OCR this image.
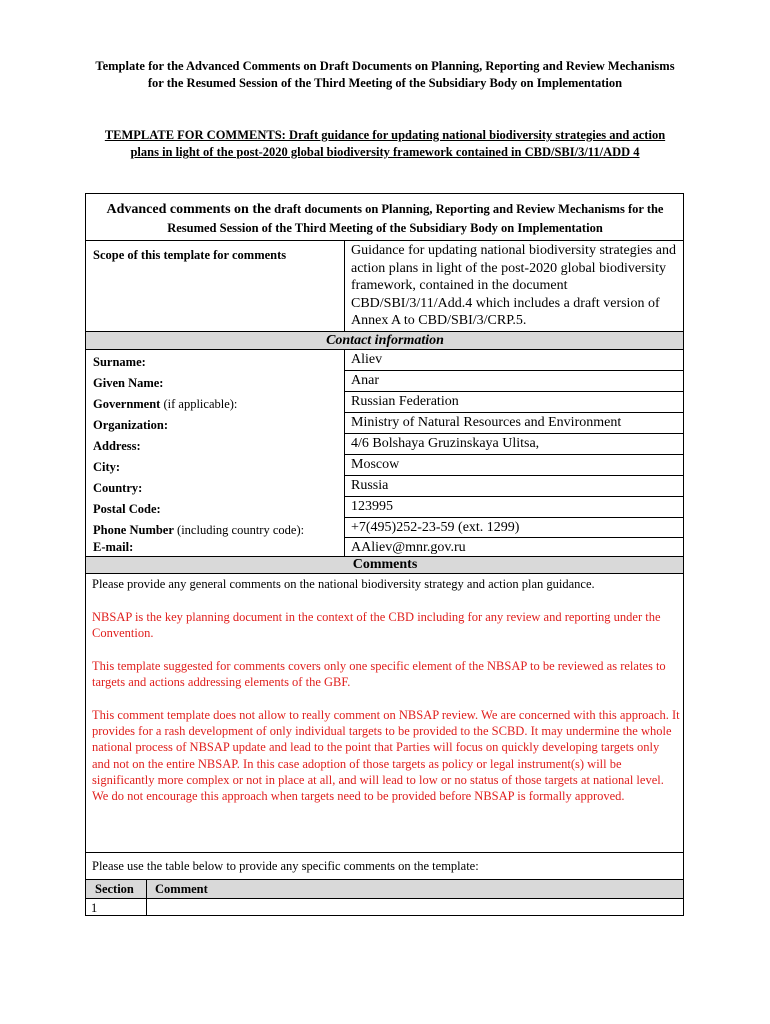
Template for the Advanced Comments on Draft Documents on Planning, Reporting and Review Mechanisms for the Resumed Session of the Third Meeting of the Subsidiary Body on Implementation
TEMPLATE FOR COMMENTS: Draft guidance for updating national biodiversity strategies and action plans in light of the post-2020 global biodiversity framework contained in CBD/SBI/3/11/ADD 4
Advanced comments on the draft documents on Planning, Reporting and Review Mechanisms for the Resumed Session of the Third Meeting of the Subsidiary Body on Implementation
Scope of this template for comments	Guidance for updating national biodiversity strategies and action plans in light of the post-2020 global biodiversity framework, contained in the document CBD/SBI/3/11/Add.4 which includes a draft version of Annex A to CBD/SBI/3/CRP.5.
Contact information
Surname:	Aliev
Given Name:	Anar
Government (if applicable):	Russian Federation
Organization:	Ministry of Natural Resources and Environment
Address:	4/6 Bolshaya Gruzinskaya Ulitsa,
City:	Moscow
Country:	Russia
Postal Code:	123995
Phone Number (including country code):	+7(495)252-23-59 (ext. 1299)
E-mail:	AAliev@mnr.gov.ru
Comments
Please provide any general comments on the national biodiversity strategy and action plan guidance.
NBSAP is the key planning document in the context of the CBD including for any review and reporting under the Convention.
This template suggested for comments covers only one specific element of the NBSAP to be reviewed as relates to targets and actions addressing elements of the GBF.
This comment template does not allow to really comment on NBSAP review. We are concerned with this approach. It provides for a rash development of only individual targets to be provided to the SCBD. It may undermine the whole national process of NBSAP update and lead to the point that Parties will focus on quickly developing targets only and not on the entire NBSAP. In this case adoption of those targets as policy or legal instrument(s) will be significantly more complex or not in place at all, and will lead to low or no status of those targets at national level. We do not encourage this approach when targets need to be provided before NBSAP is formally approved.
Please use the table below to provide any specific comments on the template:
Section Comment
1
